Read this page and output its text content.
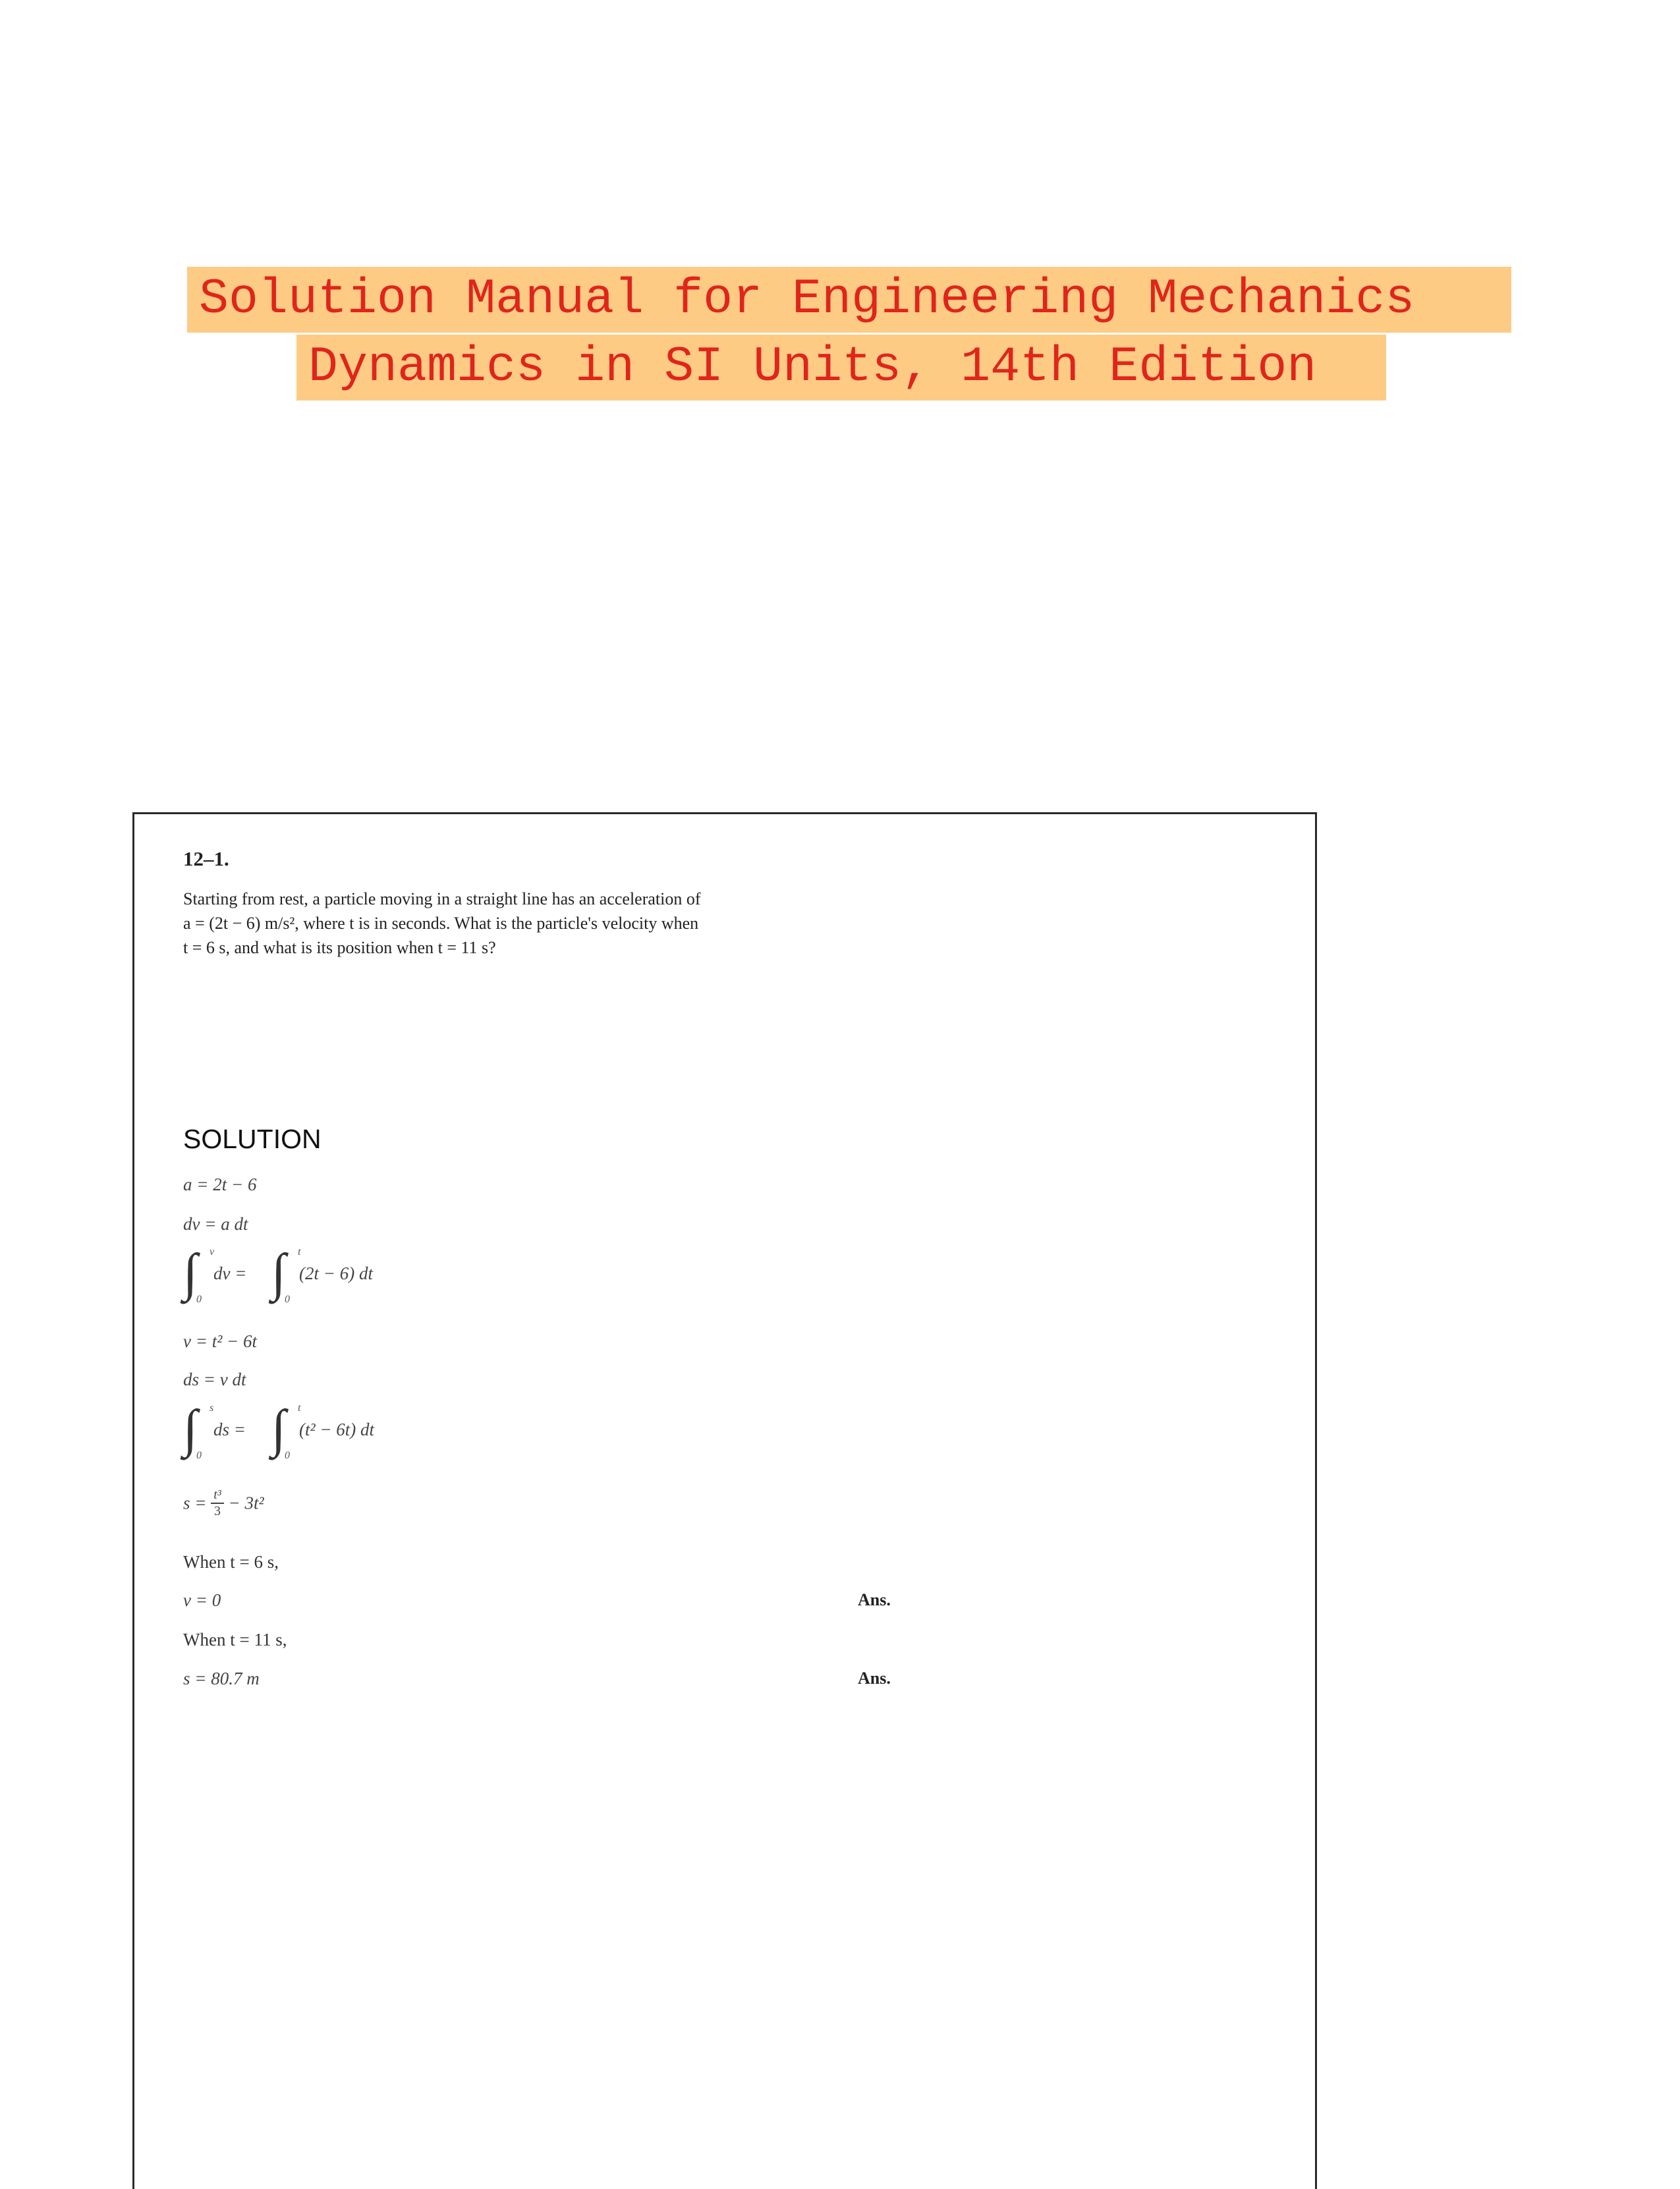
Solution Manual for Engineering Mechanics
Dynamics in SI Units, 14th Edition
12–1.
Starting from rest, a particle moving in a straight line has an acceleration of a = (2t − 6) m/s², where t is in seconds. What is the particle's velocity when t = 6 s, and what is its position when t = 11 s?
SOLUTION
a = 2t − 6
dv = a dt
∫ v
0
dv = ∫ t
0
(2t − 6) dt
v = t² − 6t
ds = v dt
∫ s
0
ds = ∫ t
0
(t² − 6t) dt
$s = \frac{\text{t³}}{3} - 3t^2$
When t = 6 s,
v = 0	Ans.
When t = 11 s,
s = 80.7 m	Ans.
